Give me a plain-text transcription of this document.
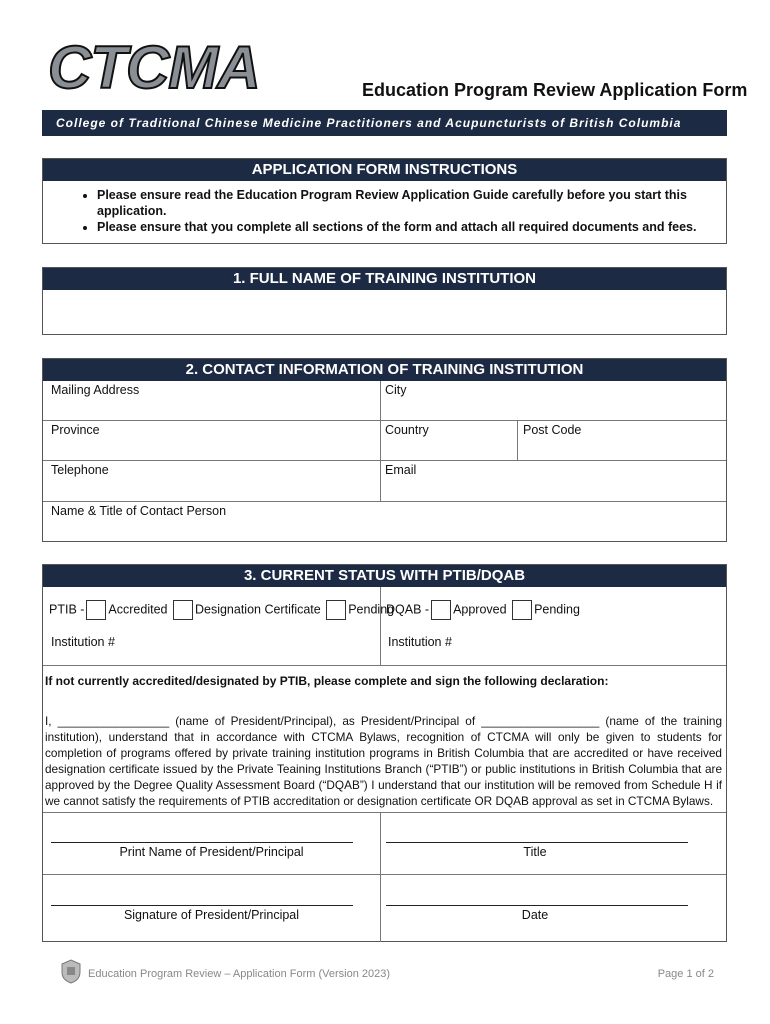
CTCMA	Education Program Review Application Form
College of Traditional Chinese Medicine Practitioners and Acupuncturists of British Columbia
APPLICATION FORM INSTRUCTIONS
• Please ensure read the Education Program Review Application Guide carefully before you start this application.
• Please ensure that you complete all sections of the form and attach all required documents and fees.
1. FULL NAME OF TRAINING INSTITUTION
2. CONTACT INFORMATION OF TRAINING INSTITUTION
Mailing Address	City
Province	Country	Post Code
Telephone	Email
Name & Title of Contact Person
3. CURRENT STATUS WITH PTIB/DQAB
PTIB - Accredited Designation Certificate Pending
DQAB - Approved Pending
Institution #	Institution #
If not currently accredited/designated by PTIB, please complete and sign the following declaration:
I, _________________ (name of President/Principal), as President/Principal of __________________ (name of the training institution), understand that in accordance with CTCMA Bylaws, recognition of CTCMA will only be given to students for completion of programs offered by private training institution programs in British Columbia that are accredited or have received designation certificate issued by the Private Teaining Institutions Branch (“PTIB”) or public institutions in British Columbia that are approved by the Degree Quality Assessment Board (“DQAB”) I understand that our institution will be removed from Schedule H if we cannot satisfy the requirements of PTIB accreditation or designation certificate OR DQAB approval as set in CTCMA Bylaws.
Print Name of President/Principal	Title
Signature of President/Principal	Date
Education Program Review – Application Form (Version 2023)	Page 1 of 2
